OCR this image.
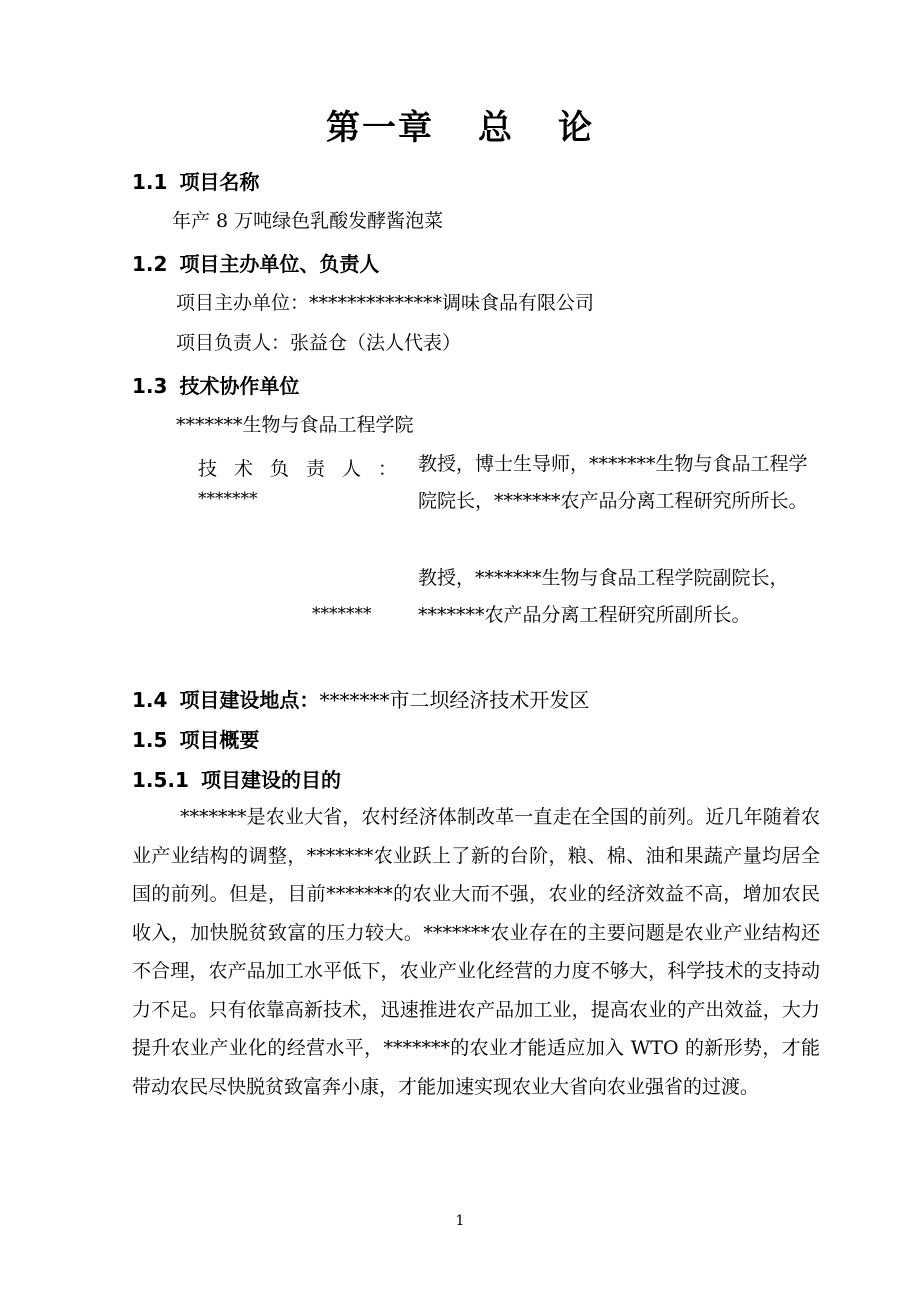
第一章 总 论
1.1 项目名称
年产 8 万吨绿色乳酸发酵酱泡菜
1.2 项目主办单位、负责人
项目主办单位：**************调味食品有限公司
项目负责人：张益仓（法人代表）
1.3 技术协作单位
*******生物与食品工程学院
技术负责人：
*******
教授，博士生导师，*******生物与食品工程学院院长，*******农产品分离工程研究所所长。
*******
教授，*******生物与食品工程学院副院长，*******农产品分离工程研究所副所长。
1.4 项目建设地点：*******市二坝经济技术开发区
1.5 项目概要
1.5.1 项目建设的目的
*******是农业大省，农村经济体制改革一直走在全国的前列。近几年随着农业产业结构的调整，*******农业跃上了新的台阶，粮、棉、油和果蔬产量均居全国的前列。但是，目前*******的农业大而不强，农业的经济效益不高，增加农民收入，加快脱贫致富的压力较大。*******农业存在的主要问题是农业产业结构还不合理，农产品加工水平低下，农业产业化经营的力度不够大，科学技术的支持动力不足。只有依靠高新技术，迅速推进农产品加工业，提高农业的产出效益，大力提升农业产业化的经营水平，*******的农业才能适应加入 WTO 的新形势，才能带动农民尽快脱贫致富奔小康，才能加速实现农业大省向农业强省的过渡。
1
